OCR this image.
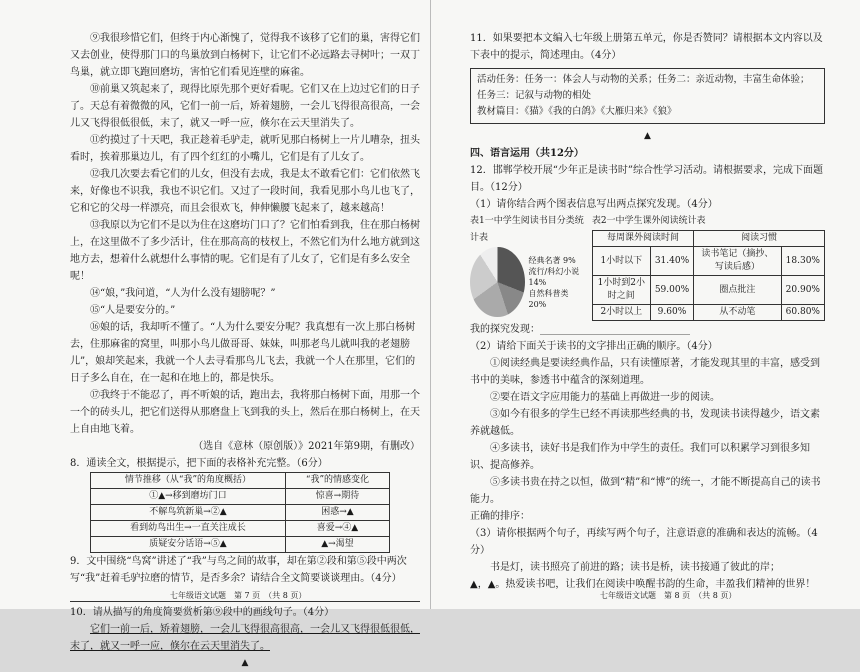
⑨我很珍惜它们，但终于内心渐愧了，觉得我不该移了它们的巢，害得它们又去创业，使得那门口的鸟巢放到白杨树下，让它们不必远路去寻树叶；一双丁鸟巢，就立即飞跑回磨坊，害怕它们看见连壁的麻雀。

⑩前巢又筑起来了，现得比原先那个更好看呢。它们又在上边过它们的日子了。天总有着微微的风，它们一前一后，矫着翅膀，一会儿飞得很高很高，一会儿又飞得很低很低，末了，就又一呼一应，倏尔在云天里消失了。

⑪约摸过了十天吧，我正趁着毛驴走，就听见那白杨树上一片儿嘈杂，扭头看时，挨着那巢边儿，有了四个红红的小嘴儿，它们是有了儿女了。

⑫我几次要去看它们的儿女，但没有去成，我是太不敢看它们：它们依然飞来，好像也不识我，我也不识它们。又过了一段时间，我看见那小鸟儿也飞了，它和它的父母一样漂亮，而且会很欢飞，伸伸懒腰飞起来了，越来越高！

⑬我原以为它们不是以为住在这磨坊门口了？它们怕看到我，住在那白杨树上，在这里做不了多少活计，住在那高高的枝杈上，不然它们为什么地方就到这地方去，想着什么就想什么事情的呢。它们是有了儿女了，它们是有多么安全呢！

⑭“娘，”我问道，“人为什么没有翅膀呢？”

⑮“人是要安分的。”

⑯娘的话，我却听不懂了。“人为什么要安分呢？我真想有一次上那白杨树去，住那麻雀的窝里，叫那小鸟儿做哥哥、妹妹，叫那老鸟儿就叫我的老翅膀儿”，娘却笑起来，我就一个人去寻看那鸟儿飞去，我就一个人在那里，它们的日子多么自在，在一起和在地上的，都是快乐。

⑰我终于不能忍了，再不听娘的话，跑出去，我将那白杨树下面，用那一个一个的砖头儿，把它们送得从那磨盘上飞到我的头上，然后在那白杨树上，在天上自由地飞着。

（选自《意林（原创版）》2021年第9期，有删改）

8．通读全文，根据提示，把下面的表格补充完整。（6分）

情节推移（从“我”的角度概括）	“我”的情感变化
①▲→移到磨坊门口	惊喜→期待
不解鸟筑新巢→②▲	困惑→▲
看到幼鸟出生→一直关注成长	喜爱→④▲
质疑安分话语→⑤▲	▲→渴望

9．文中围绕“鸟窝”讲述了“我”与鸟之间的故事，却在第②段和第⑤段中两次写“我”赶着毛驴拉磨的情节，是否多余？请结合全文简要谈谈理由。（4分）

10．请从描写的角度简要赏析第⑨段中的画线句子。（4分）

它们一前一后，矫着翅膀，一会儿飞得很高很高，一会儿又飞得很低很低，末了，就又一呼一应，倏尔在云天里消失了。

▲
七年级语文试题　第 7 页　（共 8 页）

11．如果要把本文编入七年级上册第五单元，你是否赞同？请根据本文内容以及下表中的提示，简述理由。（4分）

活动任务：任务一：体会人与动物的关系；任务二：亲近动物，丰富生命体验；
任务三：记叙与动物的相处
教材篇目：《猫》《我的白鸽》《大雁归来》《狼》
▲

四、语言运用（共12分）

12．邯郸学校开展“少年正是读书时”综合性学习活动。请根据要求，完成下面题目。（12分）

（1）请你结合两个图表信息写出两点探究发现。（4分）

表1一中学生阅读书目分类统计表
经典名著 9%
流行/科幻小说 14%
自然科普类 20%
表2一中学生课外阅读统计表
每周课外阅读时间		阅读习惯	
1小时以下	31.40%	读书笔记（摘抄、写读后感）	18.30%
1小时到2小时之间	59.00%	圈点批注	20.90%
2小时以上	9.60%	从不动笔	60.80%

我的探究发现：______________________________

（2）请给下面关于读书的文字排出正确的顺序。（4分）

①阅读经典是要读经典作品，只有读懂原著，才能发现其里的丰富，感受到书中的美味，参透书中蕴含的深刻道理。

②要在语文字应用能力的基础上再做进一步的阅读。

③如今有很多的学生已经不再读那些经典的书，发现读书读得越少，语文素养就越低。

④多读书，读好书是我们作为中学生的责任。我们可以积累学习到很多知识、提高修养。

⑤多读书贵在持之以恒，做到“精”和“博”的统一，才能不断提高自己的读书能力。

正确的排序：

（3）请你根据两个句子，再续写两个句子，注意语意的准确和表达的流畅。（4分）

书是灯，读书照亮了前进的路；读书是桥，读书接通了彼此的岸；

▲，▲。热爱读书吧，让我们在阅读中唤醒书韵的生命，丰盈我们精神的世界！

七年级语文试题　第 8 页　（共 8 页）
